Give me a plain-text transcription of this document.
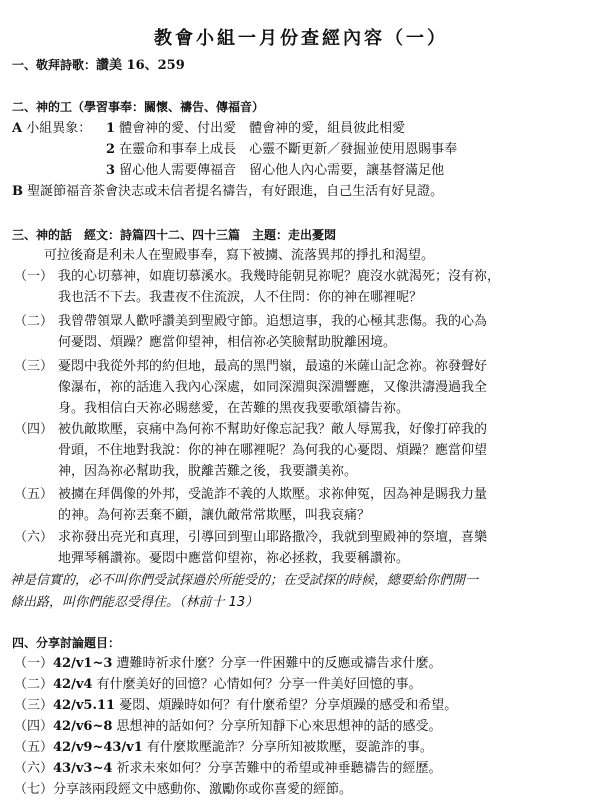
教會小組一月份查經內容（一）
一、敬拜詩歌：讚美 16、259
二、神的工（學習事奉：關懷、禱告、傳福音）
A 小組異象： 1 體會神的愛、付出愛　體會神的愛，組員彼此相愛
2 在靈命和事奉上成長　心靈不斷更新／發掘並使用恩賜事奉
3 留心他人需要傳福音　留心他人內心需要，讓基督滿足他
B 聖誕節福音茶會決志或未信者提名禱告，有好跟進，自己生活有好見證。
三、神的話　經文：詩篇四十二、四十三篇　主題：走出憂悶
可拉後裔是利未人在聖殿事奉，寫下被擄、流落異邦的掙扎和渴望。
（一） 我的心切慕神，如鹿切慕溪水。我幾時能朝見祢呢？鹿沒水就渴死；沒有祢，
我也活不下去。我晝夜不住流淚，人不住問：你的神在哪裡呢？
（二） 我曾帶領眾人歡呼讚美到聖殿守節。追想這事，我的心極其悲傷。我的心為
何憂悶、煩躁？應當仰望神，相信祢必笑臉幫助脫離困境。
（三） 憂悶中我從外邦的約但地，最高的黑門嶺，最遠的米薩山記念祢。祢發聲好
像瀑布，祢的話進入我內心深處，如同深淵與深淵響應，又像洪濤漫過我全
身。我相信白天祢必賜慈愛，在苦難的黑夜我要歌頌禱告祢。
（四） 被仇敵欺壓，哀痛中為何祢不幫助好像忘記我？敵人辱罵我，好像打碎我的
骨頭，不住地對我說：你的神在哪裡呢？為何我的心憂悶、煩躁？應當仰望
神，因為祢必幫助我，脫離苦難之後，我要讚美祢。
（五） 被擄在拜偶像的外邦，受詭詐不義的人欺壓。求祢伸冤，因為神是賜我力量
的神。為何祢丟棄不顧，讓仇敵常常欺壓，叫我哀痛？
（六） 求祢發出亮光和真理，引導回到聖山耶路撒冷，我就到聖殿神的祭壇，喜樂
地彈琴稱讚祢。憂悶中應當仰望祢，祢必拯救，我要稱讚祢。
神是信實的，必不叫你們受試探過於所能受的；在受試探的時候，總要給你們開一
條出路，叫你們能忍受得住。（林前十 13）
四、分享討論題目：
（一）42/v1~3 遭難時祈求什麼？分享一件困難中的反應或禱告求什麼。
（二）42/v4 有什麼美好的回憶？心情如何？分享一件美好回憶的事。
（三）42/v5.11 憂悶、煩躁時如何？有什麼希望？分享煩躁的感受和希望。
（四）42/v6~8 思想神的話如何？分享所知靜下心來思想神的話的感受。
（五）42/v9~43/v1 有什麼欺壓詭詐？分享所知被欺壓，耍詭詐的事。
（六）43/v3~4 祈求未來如何？分享苦難中的希望或神垂聽禱告的經歷。
（七）分享該兩段經文中感動你、激勵你或你喜愛的經節。
